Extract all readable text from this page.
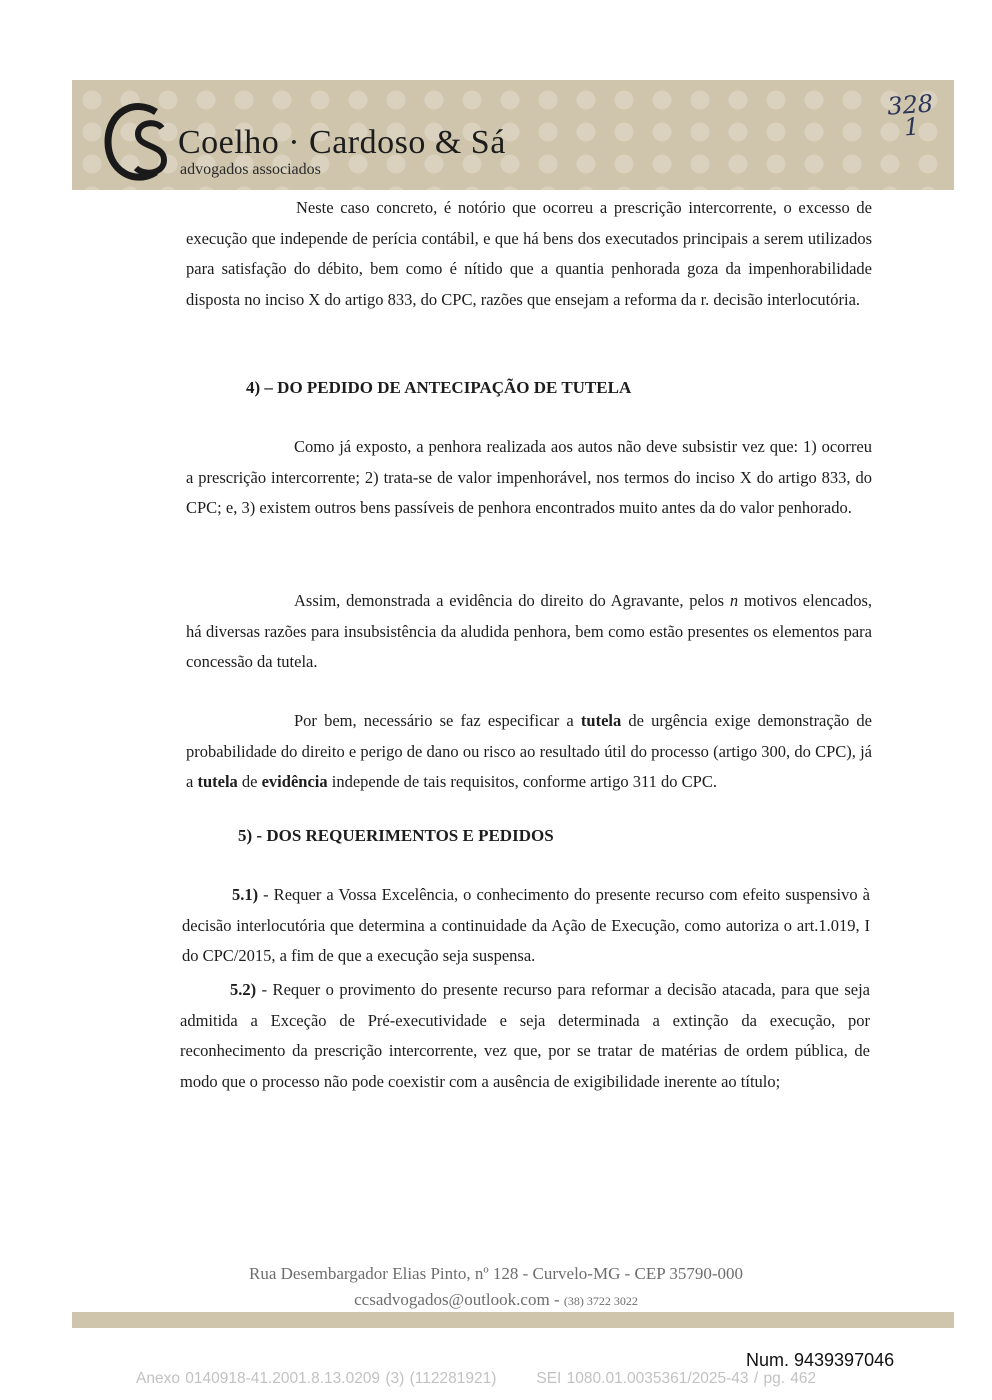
Coelho · Cardoso & Sá
advogados associados
328
1

Neste caso concreto, é notório que ocorreu a prescrição intercorrente, o excesso de execução que independe de perícia contábil, e que há bens dos executados principais a serem utilizados para satisfação do débito, bem como é nítido que a quantia penhorada goza da impenhorabilidade disposta no inciso X do artigo 833, do CPC, razões que ensejam a reforma da r. decisão interlocutória.

4) – DO PEDIDO DE ANTECIPAÇÃO DE TUTELA

Como já exposto, a penhora realizada aos autos não deve subsistir vez que: 1) ocorreu a prescrição intercorrente; 2) trata-se de valor impenhorável, nos termos do inciso X do artigo 833, do CPC; e, 3) existem outros bens passíveis de penhora encontrados muito antes da do valor penhorado.

Assim, demonstrada a evidência do direito do Agravante, pelos n motivos elencados, há diversas razões para insubsistência da aludida penhora, bem como estão presentes os elementos para concessão da tutela.

Por bem, necessário se faz especificar a tutela de urgência exige demonstração de probabilidade do direito e perigo de dano ou risco ao resultado útil do processo (artigo 300, do CPC), já a tutela de evidência independe de tais requisitos, conforme artigo 311 do CPC.

5) - DOS REQUERIMENTOS E PEDIDOS

5.1) - Requer a Vossa Excelência, o conhecimento do presente recurso com efeito suspensivo à decisão interlocutória que determina a continuidade da Ação de Execução, como autoriza o art.1.019, I do CPC/2015, a fim de que a execução seja suspensa.

5.2) - Requer o provimento do presente recurso para reformar a decisão atacada, para que seja admitida a Exceção de Pré-executividade e seja determinada a extinção da execução, por reconhecimento da prescrição intercorrente, vez que, por se tratar de matérias de ordem pública, de modo que o processo não pode coexistir com a ausência de exigibilidade inerente ao título;

Rua Desembargador Elias Pinto, nº 128 - Curvelo-MG - CEP 35790-000
ccsadvogados@outlook.com - (38) 3722 3022
Num. 9439397046
Anexo 0140918-41.2001.8.13.0209 (3) (112281921)	SEI 1080.01.0035361/2025-43 / pg. 462
